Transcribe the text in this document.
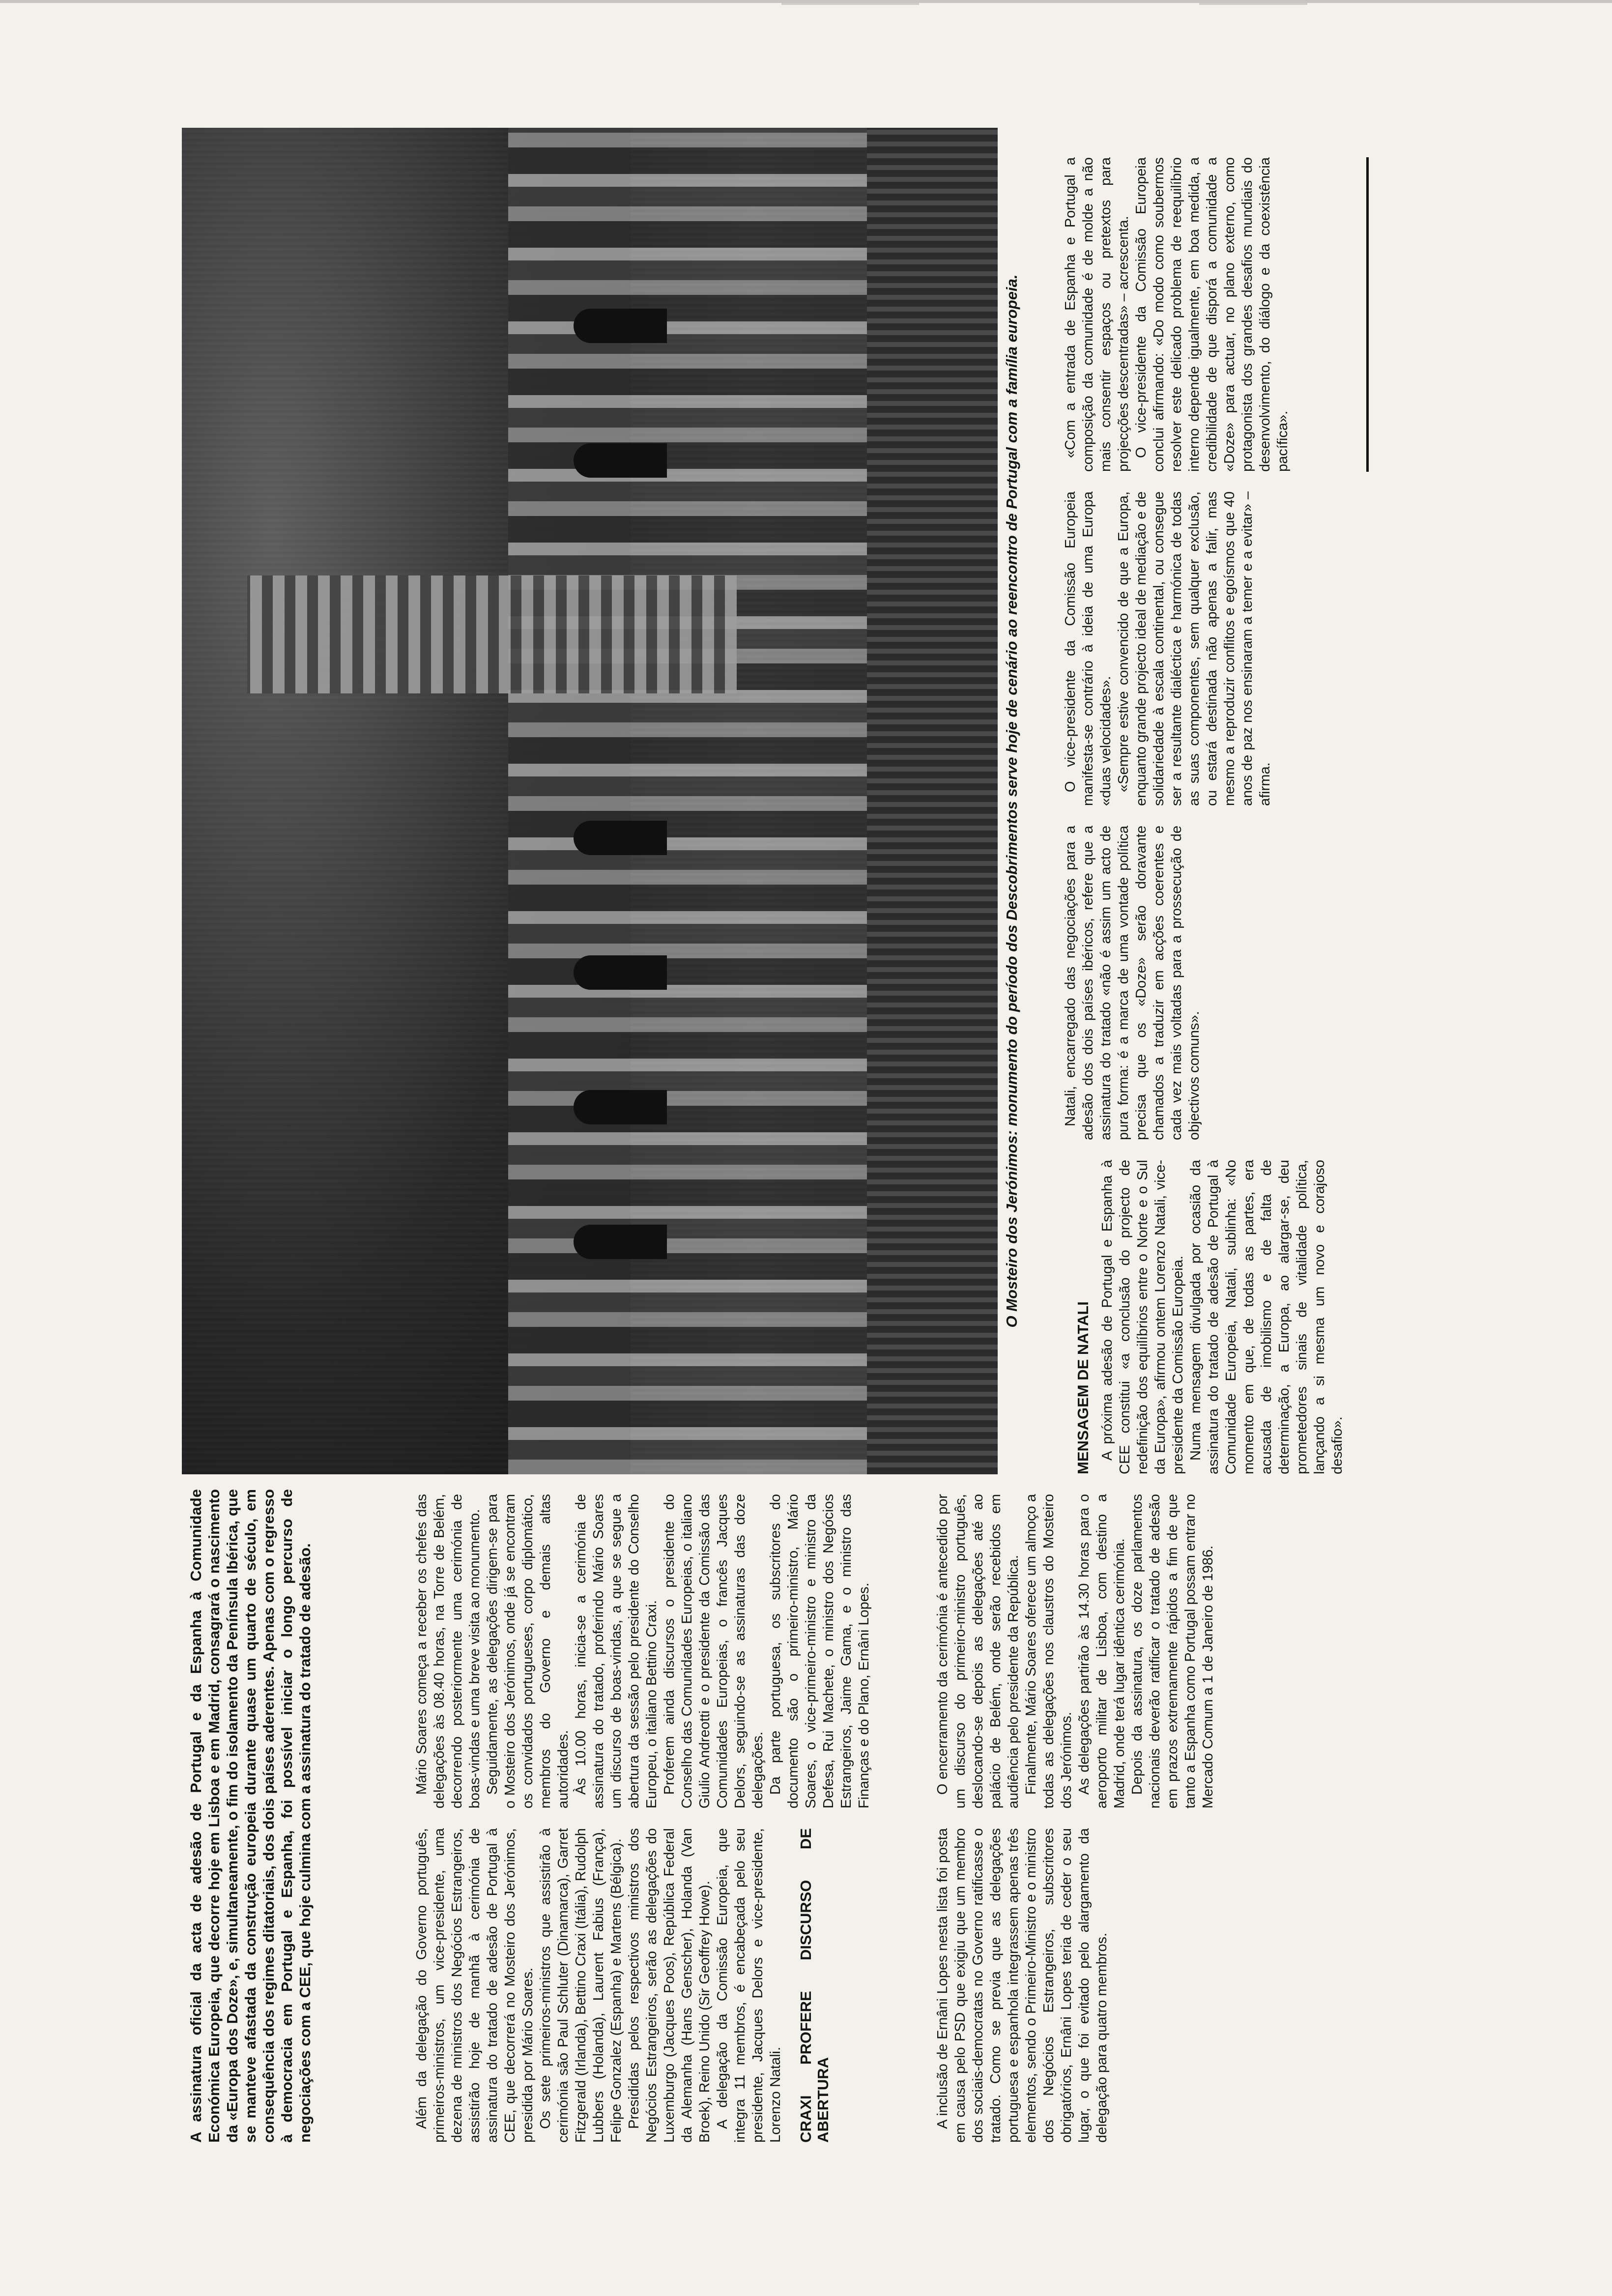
A assinatura oficial da acta de adesão de Portugal e da Espanha à Comunidade Económica Europeia, que decorre hoje em Lisboa e em Madrid, consagrará o nascimento da «Europa dos Doze», e, simultaneamente, o fim do isolamento da Península Ibérica, que se manteve afastada da construção europeia durante quase um quarto de século, em consequência dos regimes ditatoriais, dos dois países aderentes. Apenas com o regresso à democracia em Portugal e Espanha, foi possível iniciar o longo percurso de negociações com a CEE, que hoje culmina com a assinatura do tratado de adesão.	Além da delegação do Governo português, primeiros-ministros, um vice-presidente, uma dezena de ministros dos Negócios Estrangeiros, assistirão hoje de manhã à cerimónia de assinatura do tratado de adesão de Portugal à CEE, que decorrerá no Mosteiro dos Jerónimos, presidida por Mário Soares. Os sete primeiros-ministros que assistirão à cerimónia são Paul Schluter (Dinamarca), Garret Fitzgerald (Irlanda), Bettino Craxi (Itália), Rudolph Lubbers (Holanda), Laurent Fabius (França), Felipe Gonzalez (Espanha) e Martens (Bélgica). Presididas pelos respectivos ministros dos Negócios Estrangeiros, serão as delegações do Luxemburgo (Jacques Poos), República Federal da Alemanha (Hans Genscher), Holanda (Van Broek), Reino Unido (Sir Geoffrey Howe). A delegação da Comissão Europeia, que integra 11 membros, é encabeçada pelo seu presidente, Jacques Delors e vice-presidente, Lorenzo Natali. CRAXI PROFERE DISCURSO DE ABERTURA

Mário Soares começa a receber os chefes das delegações às 08.40 horas, na Torre de Belém, decorrendo posteriormente uma cerimónia de boas-vindas e uma breve visita ao monumento. Seguidamente, as delegações dirigem-se para o Mosteiro dos Jerónimos, onde já se encontram os convidados portugueses, corpo diplomático, membros do Governo e demais altas autoridades. Às 10.00 horas, inicia-se a cerimónia de assinatura do tratado, proferindo Mário Soares um discurso de boas-vindas, a que se segue a abertura da sessão pelo presidente do Conselho Europeu, o italiano Bettino Craxi. Proferem ainda discursos o presidente do Conselho das Comunidades Europeias, o italiano Giulio Andreotti e o presidente da Comissão das Comunidades Europeias, o francês Jacques Delors, seguindo-se as assinaturas das doze delegações. Da parte portuguesa, os subscritores do documento são o primeiro-ministro, Mário Soares, o vice-primeiro-ministro e ministro da Defesa, Rui Machete, o ministro dos Negócios Estrangeiros, Jaime Gama, e o ministro das Finanças e do Plano, Ernâni Lopes.

A inclusão de Ernâni Lopes nesta lista foi posta em causa pelo PSD que exigiu que um membro dos sociais-democratas no Governo ratificasse o tratado. Como se previa que as delegações portuguesa e espanhola integrassem apenas três elementos, sendo o Primeiro-Ministro e o ministro dos Negócios Estrangeiros, subscritores obrigatórios, Ernâni Lopes teria de ceder o seu lugar, o que foi evitado pelo alargamento da delegação para quatro membros.

O encerramento da cerimónia é antecedido por um discurso do primeiro-ministro português, deslocando-se depois as delegações até ao palácio de Belém, onde serão recebidos em audiência pelo presidente da República. Finalmente, Mário Soares oferece um almoço a todas as delegações nos claustros do Mosteiro dos Jerónimos. As delegações partirão às 14.30 horas para o aeroporto militar de Lisboa, com destino a Madrid, onde terá lugar idêntica cerimónia. Depois da assinatura, os doze parlamentos nacionais deverão ratificar o tratado de adesão em prazos extremamente rápidos a fim de que tanto a Espanha como Portugal possam entrar no Mercado Comum a 1 de Janeiro de 1986.

O Mosteiro dos Jerónimos: monumento do período dos Descobrimentos serve hoje de cenário ao reencontro de Portugal com a família europeia.
MENSAGEM DE NATALI A próxima adesão de Portugal e Espanha à CEE constitui «a conclusão do projecto de redefinição dos equilíbrios entre o Norte e o Sul da Europa», afirmou ontem Lorenzo Natali, vice-presidente da Comissão Europeia. Numa mensagem divulgada por ocasião da assinatura do tratado de adesão de Portugal à Comunidade Europeia, Natali, sublinha: «No momento em que, de todas as partes, era acusada de imobilismo e de falta de determinação, a Europa, ao alargar-se, deu prometedores sinais de vitalidade política, lançando a si mesma um novo e corajoso desafio».

Natali, encarregado das negociações para a adesão dos dois países ibéricos, refere que a assinatura do tratado «não é assim um acto de pura forma: é a marca de uma vontade política precisa que os «Doze» serão doravante chamados a traduzir em acções coerentes e cada vez mais voltadas para a prossecução de objectivos comuns».

O vice-presidente da Comissão Europeia manifesta-se contrário à ideia de uma Europa «duas velocidades». «Sempre estive convencido de que a Europa, enquanto grande projecto ideal de mediação e de solidariedade à escala continental, ou consegue ser a resultante dialéctica e harmónica de todas as suas componentes, sem qualquer exclusão, ou estará destinada não apenas a falir, mas mesmo a reproduzir conflitos e egoísmos que 40 anos de paz nos ensinaram a temer e a evitar» – afirma.

«Com a entrada de Espanha e Portugal a composição da comunidade é de molde a não mais consentir espaços ou pretextos para projecções descentradas» – acrescenta. O vice-presidente da Comissão Europeia conclui afirmando: «Do modo como soubermos resolver este delicado problema de reequilíbrio interno depende igualmente, em boa medida, a credibilidade de que disporá a comunidade a «Doze» para actuar, no plano externo, como protagonista dos grandes desafios mundiais do desenvolvimento, do diálogo e da coexistência pacífica».
